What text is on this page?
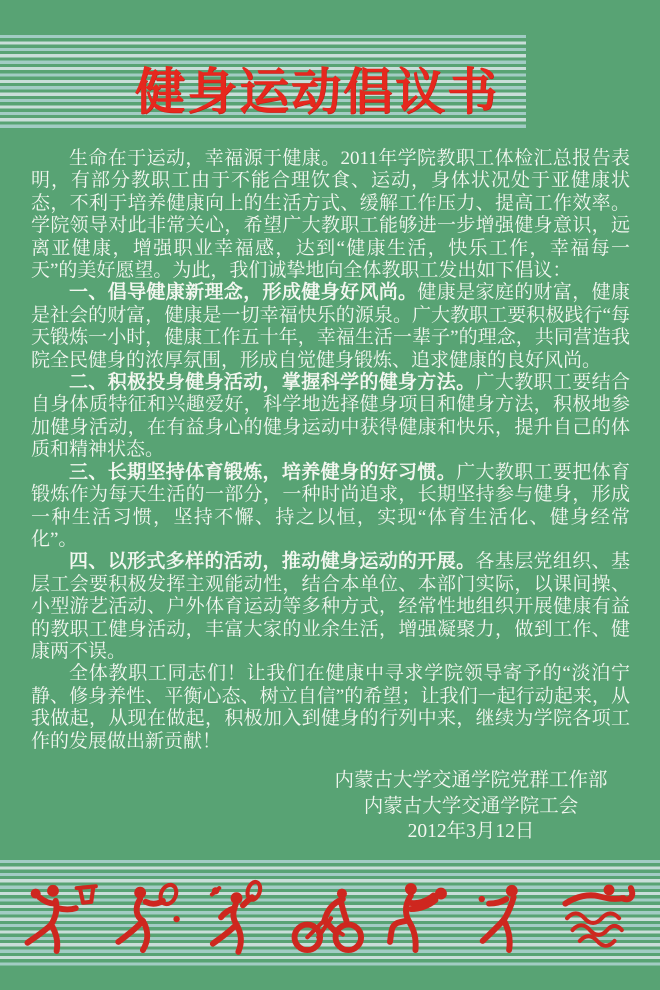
健身运动倡议书

生命在于运动，幸福源于健康。2011年学院教职工体检汇总报告表明，有部分教职工由于不能合理饮食、运动，身体状况处于亚健康状态，不利于培养健康向上的生活方式、缓解工作压力、提高工作效率。学院领导对此非常关心，希望广大教职工能够进一步增强健身意识，远离亚健康，增强职业幸福感，达到“健康生活，快乐工作，幸福每一天”的美好愿望。为此，我们诚挚地向全体教职工发出如下倡议：

一、倡导健康新理念，形成健身好风尚。健康是家庭的财富，健康是社会的财富，健康是一切幸福快乐的源泉。广大教职工要积极践行“每天锻炼一小时，健康工作五十年，幸福生活一辈子”的理念，共同营造我院全民健身的浓厚氛围，形成自觉健身锻炼、追求健康的良好风尚。

二、积极投身健身活动，掌握科学的健身方法。广大教职工要结合自身体质特征和兴趣爱好，科学地选择健身项目和健身方法，积极地参加健身活动，在有益身心的健身运动中获得健康和快乐，提升自己的体质和精神状态。

三、长期坚持体育锻炼，培养健身的好习惯。广大教职工要把体育锻炼作为每天生活的一部分，一种时尚追求，长期坚持参与健身，形成一种生活习惯，坚持不懈、持之以恒，实现“体育生活化、健身经常化”。

四、以形式多样的活动，推动健身运动的开展。各基层党组织、基层工会要积极发挥主观能动性，结合本单位、本部门实际，以课间操、小型游艺活动、户外体育运动等多种方式，经常性地组织开展健康有益的教职工健身活动，丰富大家的业余生活，增强凝聚力，做到工作、健康两不误。

全体教职工同志们！让我们在健康中寻求学院领导寄予的“淡泊宁静、修身养性、平衡心态、树立自信”的希望；让我们一起行动起来，从我做起，从现在做起，积极加入到健身的行列中来，继续为学院各项工作的发展做出新贡献！

内蒙古大学交通学院党群工作部
内蒙古大学交通学院工会
2012年3月12日
